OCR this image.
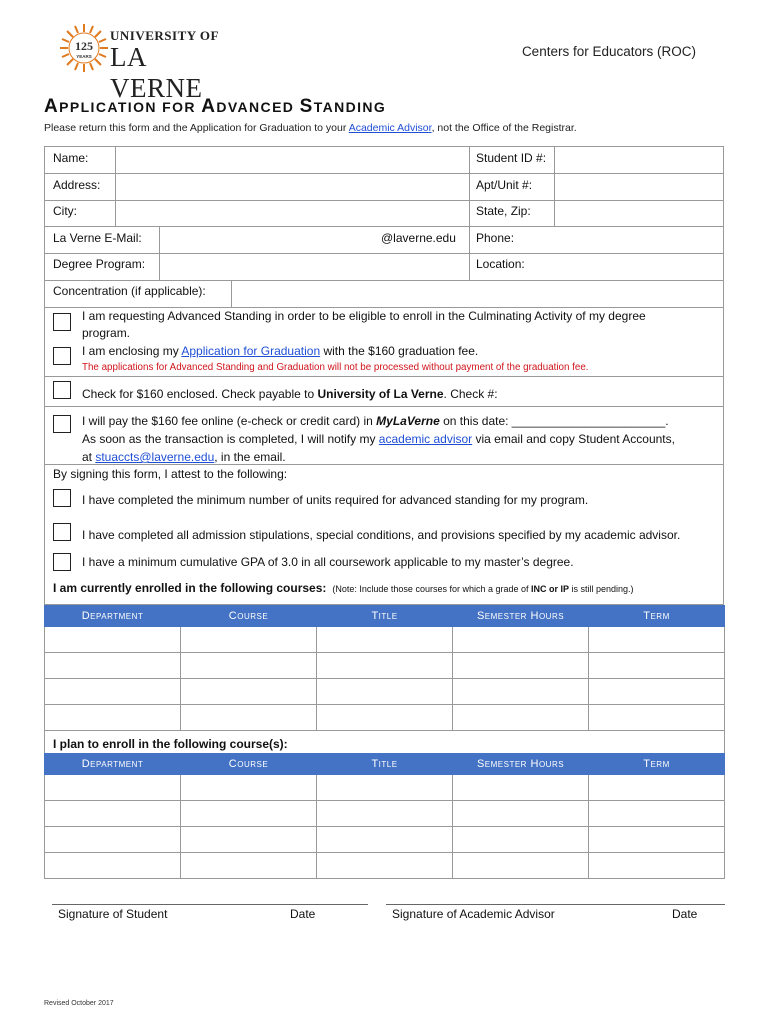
125
YEARS
UNIVERSITY OF
LA VERNE
Centers for Educators (ROC)
APPLICATION FOR ADVANCED STANDING
Please return this form and the Application for Graduation to your Academic Advisor, not the Office of the Registrar.
Name:	Student ID #:
Address:	Apt/Unit #:
City:	State, Zip:
La Verne E-Mail:	@laverne.edu Phone:
Degree Program:	Location:
Concentration (if applicable):
I am requesting Advanced Standing in order to be eligible to enroll in the Culminating Activity of my degree
program.
I am enclosing my Application for Graduation with the $160 graduation fee.
The applications for Advanced Standing and Graduation will not be processed without payment of the graduation fee.
Check for $160 enclosed. Check payable to University of La Verne. Check #:
I will pay the $160 fee online (e-check or credit card) in MyLaVerne on this date: _______________________.
As soon as the transaction is completed, I will notify my academic advisor via email and copy Student Accounts,
at stuaccts@laverne.edu, in the email.
By signing this form, I attest to the following:
I have completed the minimum number of units required for advanced standing for my program.
I have completed all admission stipulations, special conditions, and provisions specified by my academic advisor.
I have a minimum cumulative GPA of 3.0 in all coursework applicable to my master’s degree.
I am currently enrolled in the following courses: (Note: Include those courses for which a grade of INC or IP is still pending.)
Department	Course	Title	Semester Hours	Term

I plan to enroll in the following course(s):
Department	Course	Title	Semester Hours	Term

Signature of Student	Date	Signature of Academic Advisor	Date
Revised October 2017
